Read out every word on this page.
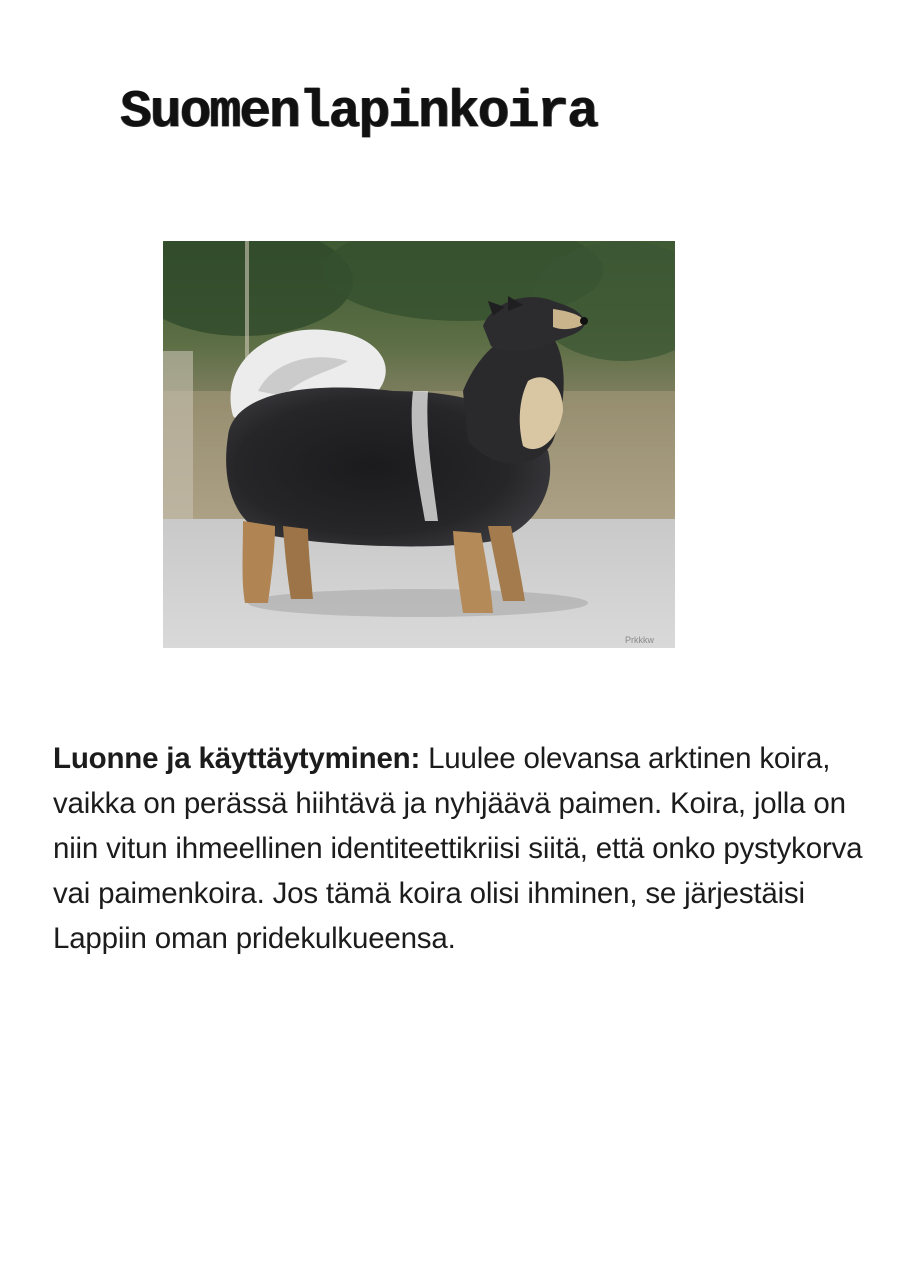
Suomenlapinkoira
Prkkkw

Luonne ja käyttäytyminen: Luulee olevansa arktinen koira, vaikka on perässä hiihtävä ja nyhjäävä paimen. Koira, jolla on niin vitun ihmeellinen identiteettikriisi siitä, että onko pystykorva vai paimenkoira. Jos tämä koira olisi ihminen, se järjestäisi Lappiin oman pridekulkueensa.
